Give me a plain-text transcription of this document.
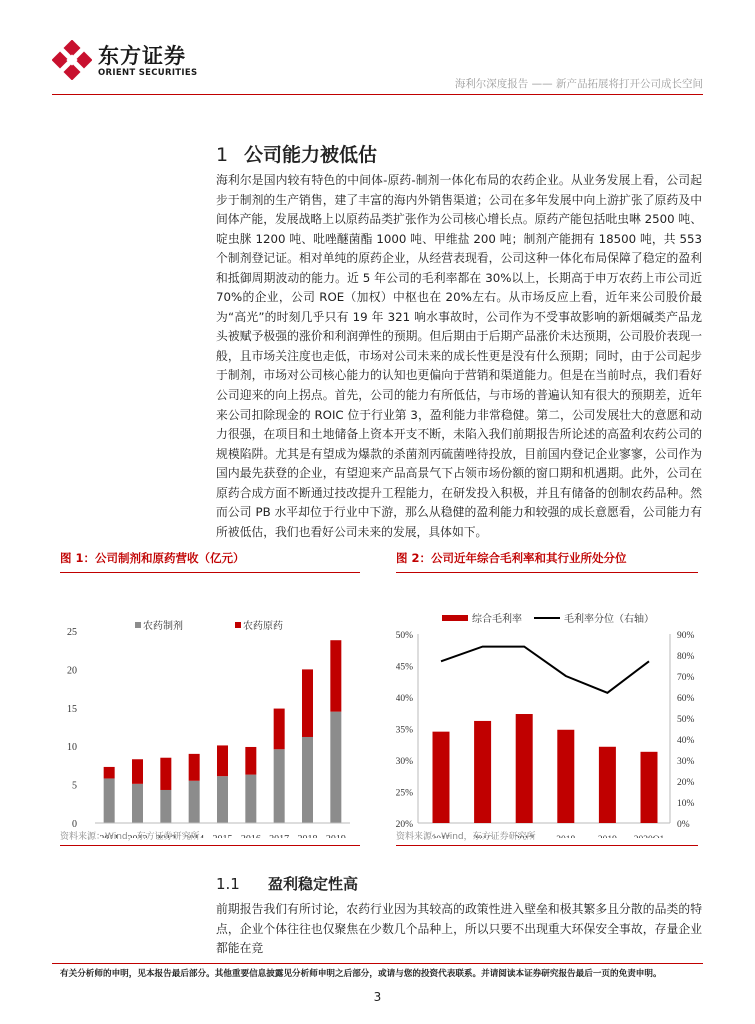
东方证券
ORIENT SECURITIES
海利尔深度报告 —— 新产品拓展将打开公司成长空间
1 公司能力被低估
海利尔是国内较有特色的中间体-原药-制剂一体化布局的农药企业。从业务发展上看，公司起步于制剂的生产销售，建了丰富的海内外销售渠道；公司在多年发展中向上游扩张了原药及中间体产能，发展战略上以原药品类扩张作为公司核心增长点。原药产能包括吡虫啉 2500 吨、啶虫脒 1200 吨、吡唑醚菌酯 1000 吨、甲维盐 200 吨；制剂产能拥有 18500 吨，共 553 个制剂登记证。相对单纯的原药企业，从经营表现看，公司这种一体化布局保障了稳定的盈利和抵御周期波动的能力。近 5 年公司的毛利率都在 30%以上，长期高于申万农药上市公司近 70%的企业，公司 ROE（加权）中枢也在 20%左右。从市场反应上看，近年来公司股价最为“高光”的时刻几乎只有 19 年 321 响水事故时，公司作为不受事故影响的新烟碱类产品龙头被赋予极强的涨价和利润弹性的预期。但后期由于后期产品涨价未达预期，公司股价表现一般，且市场关注度也走低，市场对公司未来的成长性更是没有什么预期；同时，由于公司起步于制剂，市场对公司核心能力的认知也更偏向于营销和渠道能力。但是在当前时点，我们看好公司迎来的向上拐点。首先，公司的能力有所低估，与市场的普遍认知有很大的预期差，近年来公司扣除现金的 ROIC 位于行业第 3，盈利能力非常稳健。第二，公司发展壮大的意愿和动力很强，在项目和土地储备上资本开支不断，未陷入我们前期报告所论述的高盈利农药公司的规模陷阱。尤其是有望成为爆款的杀菌剂丙硫菌唑待投放，目前国内登记企业寥寥，公司作为国内最先获登的企业，有望迎来产品高景气下占领市场份额的窗口期和机遇期。此外，公司在原药合成方面不断通过技改提升工程能力，在研发投入积极，并且有储备的创制农药品种。然而公司 PB 水平却位于行业中下游，那么从稳健的盈利能力和较强的成长意愿看，公司能力有所被低估，我们也看好公司未来的发展，具体如下。
图 1：公司制剂和原药营收（亿元）
0
5
10
15
20
25
农药制剂	农药原药
资料来源：Wind，东方证券研究所
图 2：公司近年综合毛利率和其行业所处分位
20%
25%
30%
35%
40%
45%
50%
0%
10%
20%
30%
40%
50%
60%
70%
80%
90%
综合毛利率	毛利率分位（右轴）
资料来源：Wind，东方证券研究所
1.1 盈利稳定性高
前期报告我们有所讨论，农药行业因为其较高的政策性进入壁垒和极其繁多且分散的品类的特点，企业个体往往也仅聚焦在少数几个品种上，所以只要不出现重大环保安全事故，存量企业都能在竞
有关分析师的申明，见本报告最后部分。其他重要信息披露见分析师申明之后部分，或请与您的投资代表联系。并请阅读本证券研究报告最后一页的免责申明。
3
